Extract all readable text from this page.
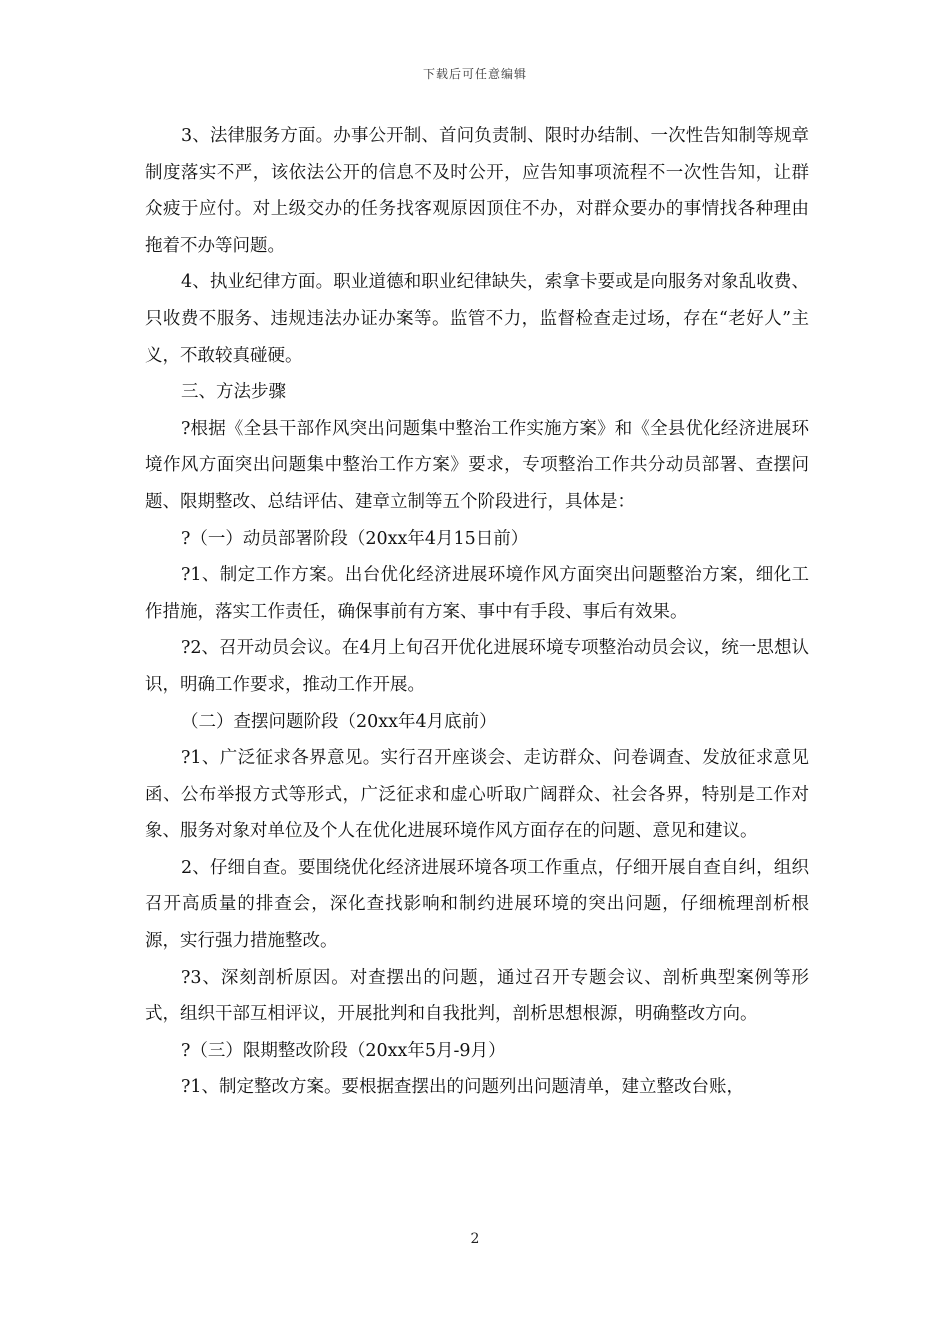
下载后可任意编辑

3、法律服务方面。办事公开制、首问负责制、限时办结制、一次性告知制等规章制度落实不严，该依法公开的信息不及时公开，应告知事项流程不一次性告知，让群众疲于应付。对上级交办的任务找客观原因顶住不办，对群众要办的事情找各种理由拖着不办等问题。

4、执业纪律方面。职业道德和职业纪律缺失，索拿卡要或是向服务对象乱收费、只收费不服务、违规违法办证办案等。监管不力，监督检查走过场，存在“老好人”主义，不敢较真碰硬。

三、方法步骤

?根据《全县干部作风突出问题集中整治工作实施方案》和《全县优化经济进展环境作风方面突出问题集中整治工作方案》要求，专项整治工作共分动员部署、查摆问题、限期整改、总结评估、建章立制等五个阶段进行，具体是：

?（一）动员部署阶段（20xx年4月15日前）

?1、制定工作方案。出台优化经济进展环境作风方面突出问题整治方案，细化工作措施，落实工作责任，确保事前有方案、事中有手段、事后有效果。

?2、召开动员会议。在4月上旬召开优化进展环境专项整治动员会议，统一思想认识，明确工作要求，推动工作开展。

（二）查摆问题阶段（20xx年4月底前）

?1、广泛征求各界意见。实行召开座谈会、走访群众、问卷调查、发放征求意见函、公布举报方式等形式，广泛征求和虚心听取广阔群众、社会各界，特别是工作对象、服务对象对单位及个人在优化进展环境作风方面存在的问题、意见和建议。

2、仔细自查。要围绕优化经济进展环境各项工作重点，仔细开展自查自纠，组织召开高质量的排查会，深化查找影响和制约进展环境的突出问题，仔细梳理剖析根源，实行强力措施整改。

?3、深刻剖析原因。对查摆出的问题，通过召开专题会议、剖析典型案例等形式，组织干部互相评议，开展批判和自我批判，剖析思想根源，明确整改方向。

?（三）限期整改阶段（20xx年5月-9月）

?1、制定整改方案。要根据查摆出的问题列出问题清单，建立整改台账，

2
